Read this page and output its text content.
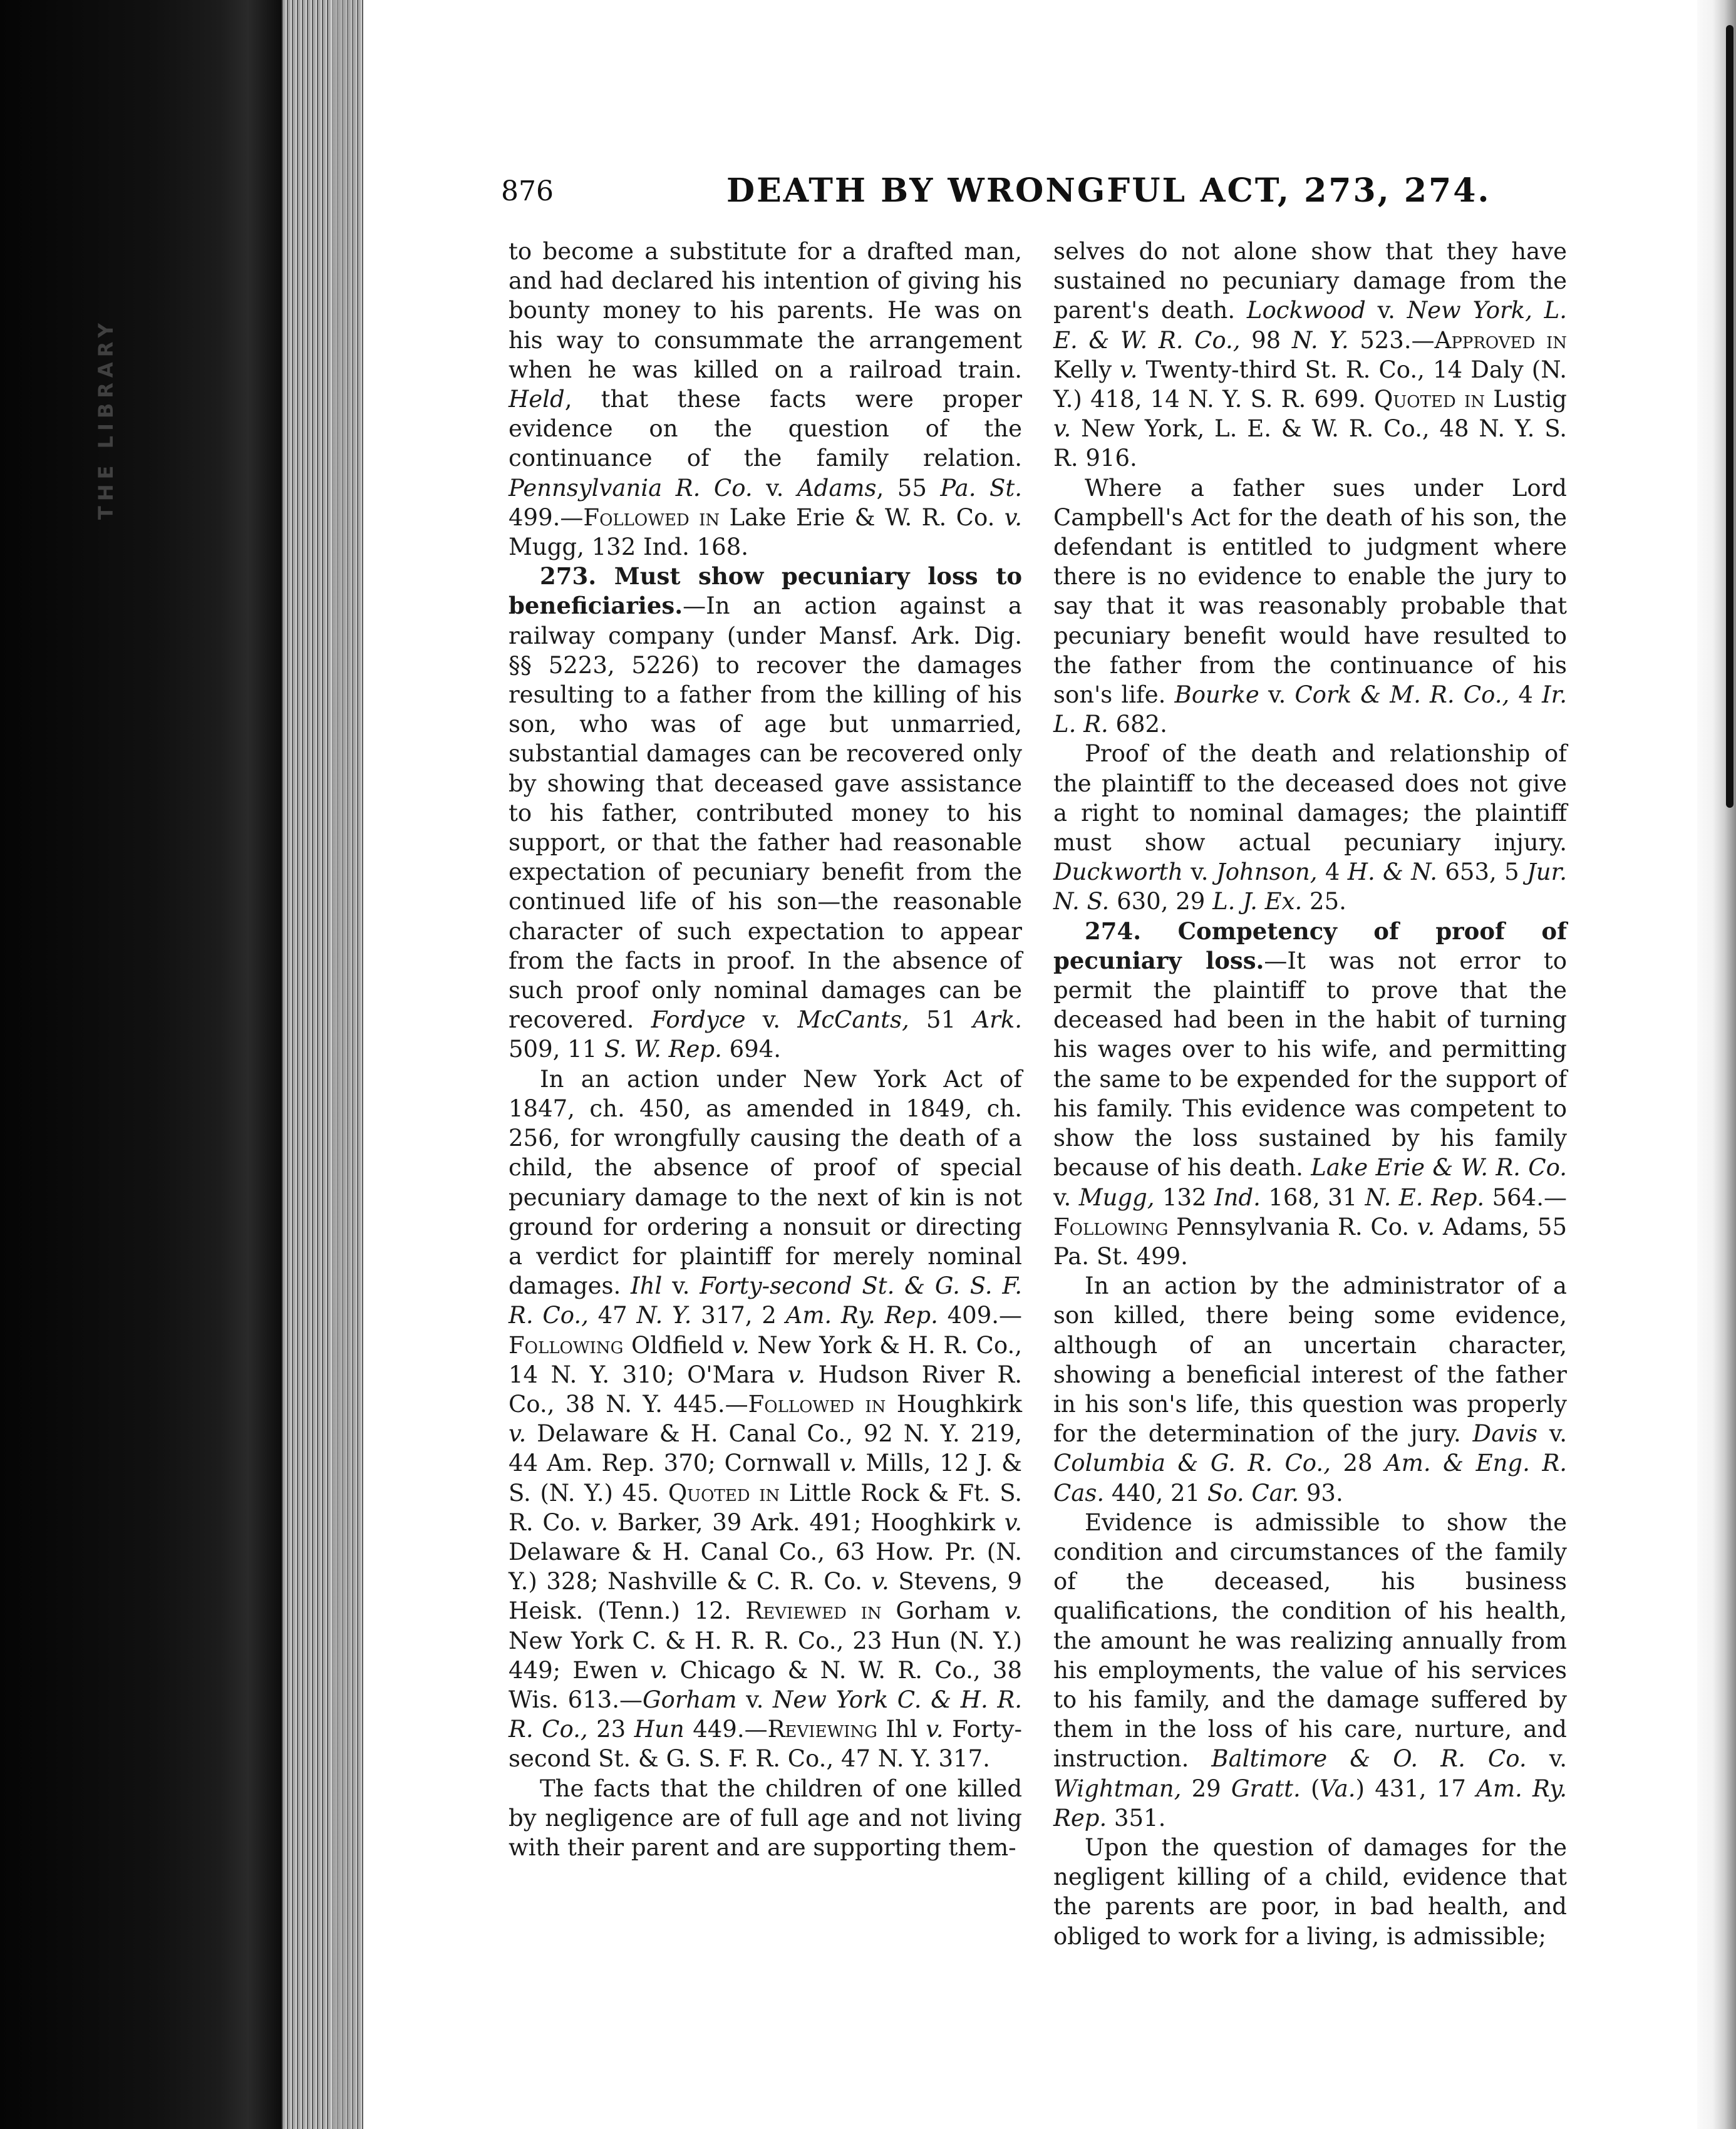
THE LIBRARY
876	DEATH BY WRONGFUL ACT, 273, 274.

to become a substitute for a drafted man, and had declared his intention of giving his bounty money to his parents. He was on his way to consummate the arrangement when he was killed on a railroad train. Held, that these facts were proper evidence on the question of the continuance of the family relation. Pennsylvania R. Co. v. Adams, 55 Pa. St. 499.—Followed in Lake Erie & W. R. Co. v. Mugg, 132 Ind. 168.

273. Must show pecuniary loss to beneficiaries.—In an action against a railway company (under Mansf. Ark. Dig. §§ 5223, 5226) to recover the damages resulting to a father from the killing of his son, who was of age but unmarried, substantial damages can be recovered only by showing that deceased gave assistance to his father, contributed money to his support, or that the father had reasonable expectation of pecuniary benefit from the continued life of his son—the reasonable character of such expectation to appear from the facts in proof. In the absence of such proof only nominal damages can be recovered. Fordyce v. McCants, 51 Ark. 509, 11 S. W. Rep. 694.

In an action under New York Act of 1847, ch. 450, as amended in 1849, ch. 256, for wrongfully causing the death of a child, the absence of proof of special pecuniary damage to the next of kin is not ground for ordering a nonsuit or directing a verdict for plaintiff for merely nominal damages. Ihl v. Forty-second St. & G. S. F. R. Co., 47 N. Y. 317, 2 Am. Ry. Rep. 409.—Following Oldfield v. New York & H. R. Co., 14 N. Y. 310; O'Mara v. Hudson River R. Co., 38 N. Y. 445.—Followed in Houghkirk v. Delaware & H. Canal Co., 92 N. Y. 219, 44 Am. Rep. 370; Cornwall v. Mills, 12 J. & S. (N. Y.) 45. Quoted in Little Rock & Ft. S. R. Co. v. Barker, 39 Ark. 491; Hooghkirk v. Delaware & H. Canal Co., 63 How. Pr. (N. Y.) 328; Nashville & C. R. Co. v. Stevens, 9 Heisk. (Tenn.) 12. Reviewed in Gorham v. New York C. & H. R. R. Co., 23 Hun (N. Y.) 449; Ewen v. Chicago & N. W. R. Co., 38 Wis. 613.—Gorham v. New York C. & H. R. R. Co., 23 Hun 449.—Reviewing Ihl v. Forty-second St. & G. S. F. R. Co., 47 N. Y. 317.

The facts that the children of one killed by negligence are of full age and not living with their parent and are supporting them-

selves do not alone show that they have sustained no pecuniary damage from the parent's death. Lockwood v. New York, L. E. & W. R. Co., 98 N. Y. 523.—Approved in Kelly v. Twenty-third St. R. Co., 14 Daly (N. Y.) 418, 14 N. Y. S. R. 699. Quoted in Lustig v. New York, L. E. & W. R. Co., 48 N. Y. S. R. 916.

Where a father sues under Lord Campbell's Act for the death of his son, the defendant is entitled to judgment where there is no evidence to enable the jury to say that it was reasonably probable that pecuniary benefit would have resulted to the father from the continuance of his son's life. Bourke v. Cork & M. R. Co., 4 Ir. L. R. 682.

Proof of the death and relationship of the plaintiff to the deceased does not give a right to nominal damages; the plaintiff must show actual pecuniary injury. Duckworth v. Johnson, 4 H. & N. 653, 5 Jur. N. S. 630, 29 L. J. Ex. 25.

274. Competency of proof of pecuniary loss.—It was not error to permit the plaintiff to prove that the deceased had been in the habit of turning his wages over to his wife, and permitting the same to be expended for the support of his family. This evidence was competent to show the loss sustained by his family because of his death. Lake Erie & W. R. Co. v. Mugg, 132 Ind. 168, 31 N. E. Rep. 564.—Following Pennsylvania R. Co. v. Adams, 55 Pa. St. 499.

In an action by the administrator of a son killed, there being some evidence, although of an uncertain character, showing a beneficial interest of the father in his son's life, this question was properly for the determination of the jury. Davis v. Columbia & G. R. Co., 28 Am. & Eng. R. Cas. 440, 21 So. Car. 93.

Evidence is admissible to show the condition and circumstances of the family of the deceased, his business qualifications, the condition of his health, the amount he was realizing annually from his employments, the value of his services to his family, and the damage suffered by them in the loss of his care, nurture, and instruction. Baltimore & O. R. Co. v. Wightman, 29 Gratt. (Va.) 431, 17 Am. Ry. Rep. 351.

Upon the question of damages for the negligent killing of a child, evidence that the parents are poor, in bad health, and obliged to work for a living, is admissible;
